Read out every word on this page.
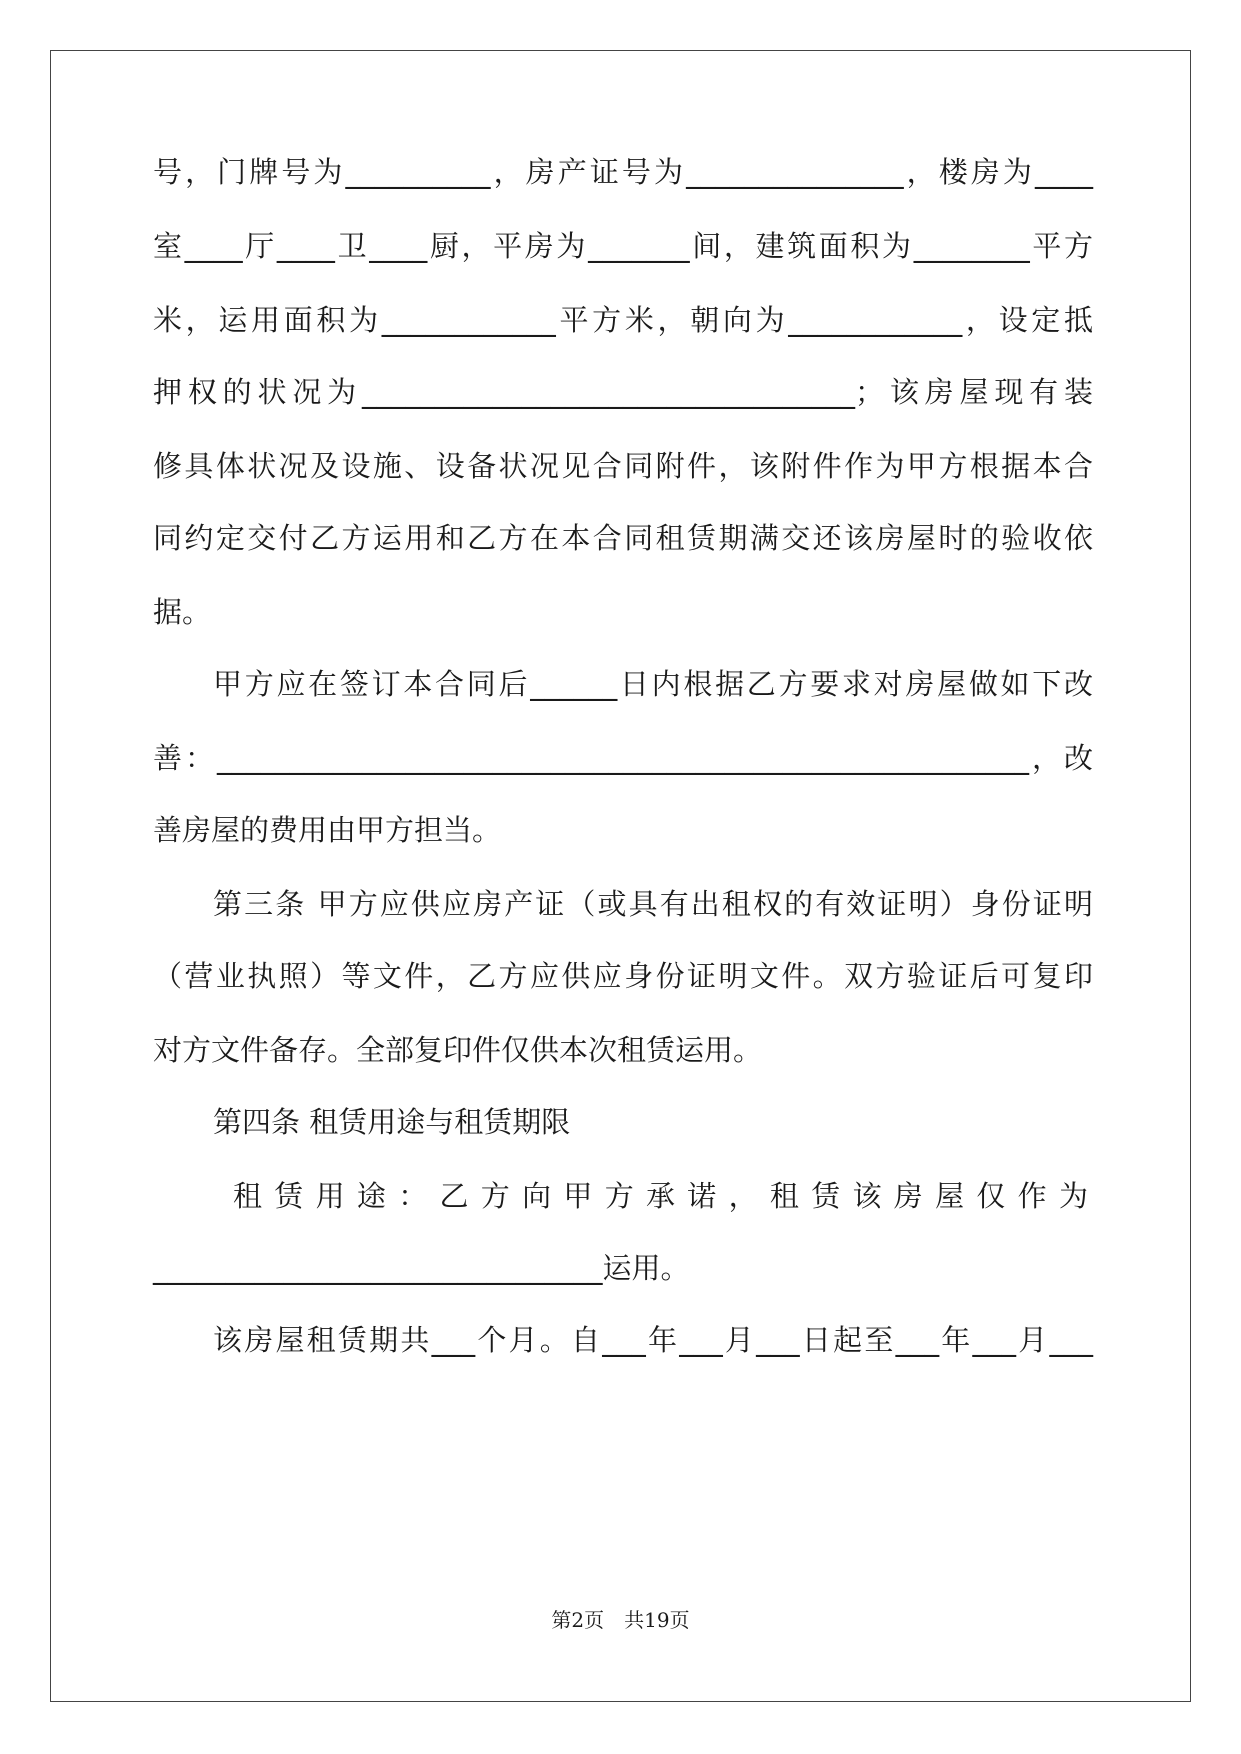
号，门牌号为__________，房产证号为_______________，楼房为____
室____厅____卫____厨，平房为_______间，建筑面积为________平方
米，运用面积为____________平方米，朝向为____________，设定抵
押权的状况为__________________________________；该房屋现有装
修具体状况及设施、设备状况见合同附件，该附件作为甲方根据本合
同约定交付乙方运用和乙方在本合同租赁期满交还该房屋时的验收依
据。
甲方应在签订本合同后______日内根据乙方要求对房屋做如下改
善：________________________________________________________，改
善房屋的费用由甲方担当。
第三条 甲方应供应房产证（或具有出租权的有效证明）身份证明
（营业执照）等文件，乙方应供应身份证明文件。双方验证后可复印
对方文件备存。全部复印件仅供本次租赁运用。
第四条 租赁用途与租赁期限
租赁用途：乙方向甲方承诺，租赁该房屋仅作为
_______________________________运用。
该房屋租赁期共___个月。自___年___月___日起至___年___月___
第2页　共19页
